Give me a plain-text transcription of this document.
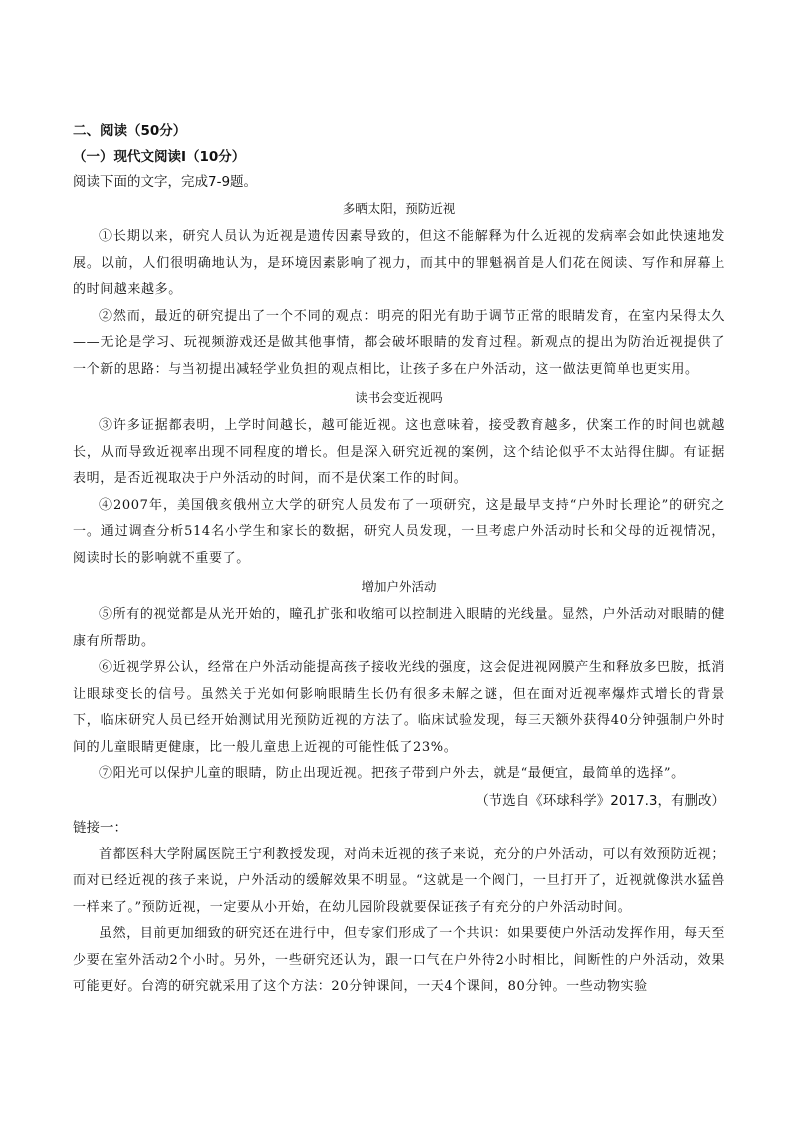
二、阅读（50分）

（一）现代文阅读Ⅰ（10分）

阅读下面的文字，完成7-9题。

多晒太阳，预防近视

①长期以来，研究人员认为近视是遗传因素导致的，但这不能解释为什么近视的发病率会如此快速地发展。以前，人们很明确地认为，是环境因素影响了视力，而其中的罪魁祸首是人们花在阅读、写作和屏幕上的时间越来越多。

②然而，最近的研究提出了一个不同的观点：明亮的阳光有助于调节正常的眼睛发育，在室内呆得太久——无论是学习、玩视频游戏还是做其他事情，都会破坏眼睛的发育过程。新观点的提出为防治近视提供了一个新的思路：与当初提出减轻学业负担的观点相比，让孩子多在户外活动，这一做法更简单也更实用。

读书会变近视吗

③许多证据都表明，上学时间越长，越可能近视。这也意味着，接受教育越多，伏案工作的时间也就越长，从而导致近视率出现不同程度的增长。但是深入研究近视的案例，这个结论似乎不太站得住脚。有证据表明，是否近视取决于户外活动的时间，而不是伏案工作的时间。

④2007年，美国俄亥俄州立大学的研究人员发布了一项研究，这是最早支持“户外时长理论”的研究之一。通过调查分析514名小学生和家长的数据，研究人员发现，一旦考虑户外活动时长和父母的近视情况，阅读时长的影响就不重要了。

增加户外活动

⑤所有的视觉都是从光开始的，瞳孔扩张和收缩可以控制进入眼睛的光线量。显然，户外活动对眼睛的健康有所帮助。

⑥近视学界公认，经常在户外活动能提高孩子接收光线的强度，这会促进视网膜产生和释放多巴胺，抵消让眼球变长的信号。虽然关于光如何影响眼睛生长仍有很多未解之谜，但在面对近视率爆炸式增长的背景下，临床研究人员已经开始测试用光预防近视的方法了。临床试验发现，每三天额外获得40分钟强制户外时间的儿童眼睛更健康，比一般儿童患上近视的可能性低了23%。

⑦阳光可以保护儿童的眼睛，防止出现近视。把孩子带到户外去，就是“最便宜，最简单的选择”。

（节选自《环球科学》2017.3，有删改）

链接一：

首都医科大学附属医院王宁利教授发现，对尚未近视的孩子来说，充分的户外活动，可以有效预防近视；而对已经近视的孩子来说，户外活动的缓解效果不明显。“这就是一个阀门，一旦打开了，近视就像洪水猛兽一样来了。”预防近视，一定要从小开始，在幼儿园阶段就要保证孩子有充分的户外活动时间。

虽然，目前更加细致的研究还在进行中，但专家们形成了一个共识：如果要使户外活动发挥作用，每天至少要在室外活动2个小时。另外，一些研究还认为，跟一口气在户外待2小时相比，间断性的户外活动，效果可能更好。台湾的研究就采用了这个方法：20分钟课间，一天4个课间，80分钟。一些动物实验
